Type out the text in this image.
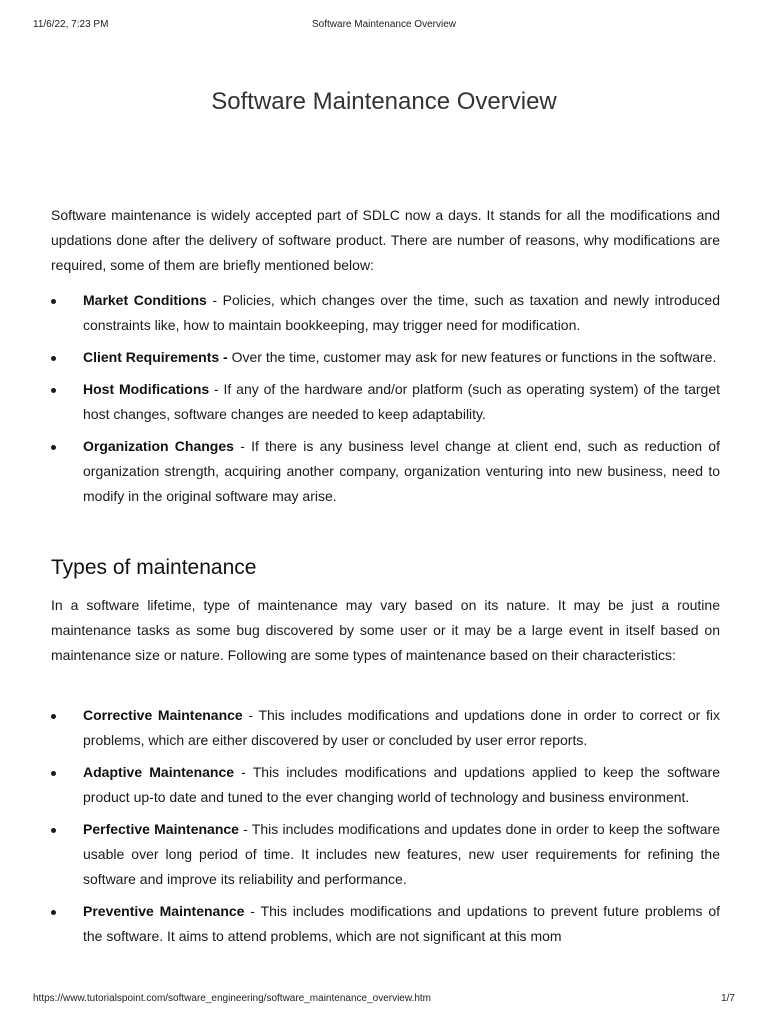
11/6/22, 7:23 PM	Software Maintenance Overview
Software Maintenance Overview

Software maintenance is widely accepted part of SDLC now a days. It stands for all the modifications and updations done after the delivery of software product. There are number of reasons, why modifications are required, some of them are briefly mentioned below:

Market Conditions - Policies, which changes over the time, such as taxation and newly introduced constraints like, how to maintain bookkeeping, may trigger need for modification.
Client Requirements - Over the time, customer may ask for new features or functions in the software.
Host Modifications - If any of the hardware and/or platform (such as operating system) of the target host changes, software changes are needed to keep adaptability.
Organization Changes - If there is any business level change at client end, such as reduction of organization strength, acquiring another company, organization venturing into new business, need to modify in the original software may arise.
Types of maintenance

In a software lifetime, type of maintenance may vary based on its nature. It may be just a routine maintenance tasks as some bug discovered by some user or it may be a large event in itself based on maintenance size or nature. Following are some types of maintenance based on their characteristics:

Corrective Maintenance - This includes modifications and updations done in order to correct or fix problems, which are either discovered by user or concluded by user error reports.
Adaptive Maintenance - This includes modifications and updations applied to keep the software product up-to date and tuned to the ever changing world of technology and business environment.
Perfective Maintenance - This includes modifications and updates done in order to keep the software usable over long period of time. It includes new features, new user requirements for refining the software and improve its reliability and performance.
Preventive Maintenance - This includes modifications and updations to prevent future problems of the software. It aims to attend problems, which are not significant at this mom
https://www.tutorialspoint.com/software_engineering/software_maintenance_overview.htm	1/7
